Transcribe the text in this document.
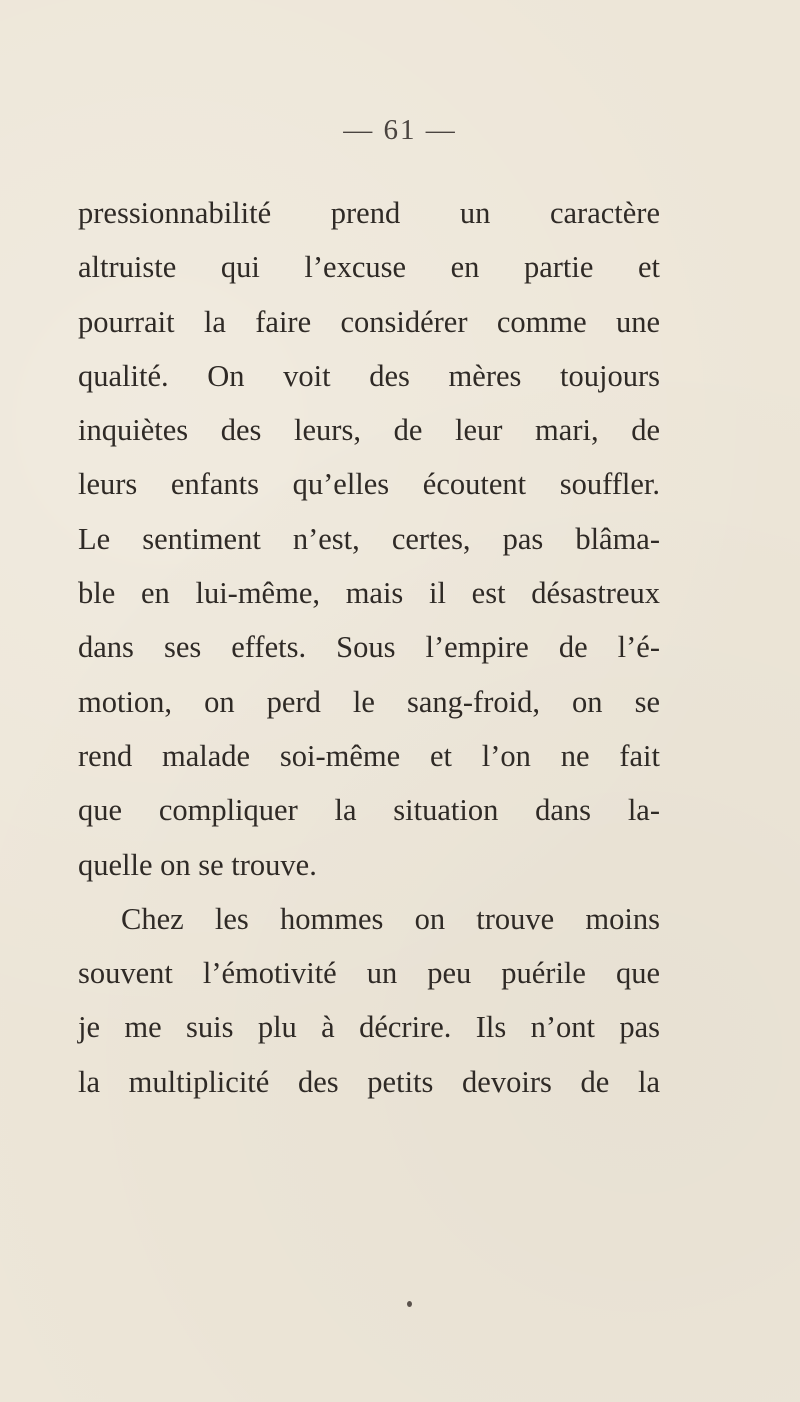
— 61 —
pressionnabilité prend un caractère
altruiste qui l’excuse en partie et
pourrait la faire considérer comme une
qualité. On voit des mères toujours
inquiètes des leurs, de leur mari, de
leurs enfants qu’elles écoutent souffler.
Le sentiment n’est, certes, pas blâma-
ble en lui-même, mais il est désastreux
dans ses effets. Sous l’empire de l’é-
motion, on perd le sang-froid, on se
rend malade soi-même et l’on ne fait
que compliquer la situation dans la-
quelle on se trouve.
Chez les hommes on trouve moins
souvent l’émotivité un peu puérile que
je me suis plu à décrire. Ils n’ont pas
la multiplicité des petits devoirs de la
